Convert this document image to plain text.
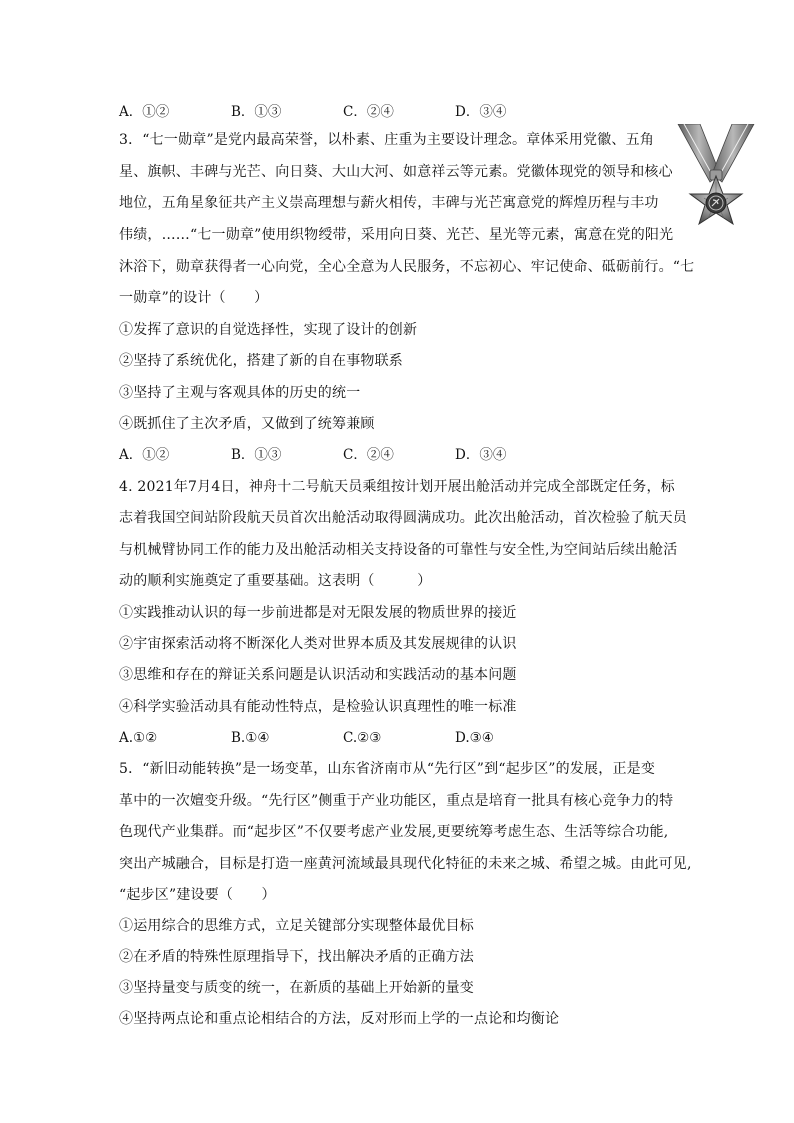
A．①②	B．①③	C．②④	D．③④
3．“七一勋章”是党内最高荣誉，以朴素、庄重为主要设计理念。章体采用党徽、五角
星、旗帜、丰碑与光芒、向日葵、大山大河、如意祥云等元素。党徽体现党的领导和核心
地位，五角星象征共产主义崇高理想与薪火相传，丰碑与光芒寓意党的辉煌历程与丰功
伟绩，……“七一勋章”使用织物绶带，采用向日葵、光芒、星光等元素，寓意在党的阳光
沐浴下，勋章获得者一心向党，全心全意为人民服务，不忘初心、牢记使命、砥砺前行。“七
一勋章”的设计（　　）
①发挥了意识的自觉选择性，实现了设计的创新
②坚持了系统优化，搭建了新的自在事物联系
③坚持了主观与客观具体的历史的统一
④既抓住了主次矛盾，又做到了统筹兼顾
A．①②	B．①③	C．②④	D．③④
4. 2021年7月4日，神舟十二号航天员乘组按计划开展出舱活动并完成全部既定任务，标
志着我国空间站阶段航天员首次出舱活动取得圆满成功。此次出舱活动，首次检验了航天员
与机械臂协同工作的能力及出舱活动相关支持设备的可靠性与安全性,为空间站后续出舱活
动的顺利实施奠定了重要基础。这表明（　　　）
①实践推动认识的每一步前进都是对无限发展的物质世界的接近
②宇宙探索活动将不断深化人类对世界本质及其发展规律的认识
③思维和存在的辩证关系问题是认识活动和实践活动的基本问题
④科学实验活动具有能动性特点，是检验认识真理性的唯一标准
A.①②	B.①④	C.②③	D.③④
5．“新旧动能转换”是一场变革，山东省济南市从“先行区”到“起步区”的发展，正是变
革中的一次嬗变升级。“先行区”侧重于产业功能区，重点是培育一批具有核心竞争力的特
色现代产业集群。而“起步区”不仅要考虑产业发展,更要统筹考虑生态、生活等综合功能,
突出产城融合，目标是打造一座黄河流域最具现代化特征的未来之城、希望之城。由此可见,
“起步区”建设要（　　）
①运用综合的思维方式，立足关键部分实现整体最优目标
②在矛盾的特殊性原理指导下，找出解决矛盾的正确方法
③坚持量变与质变的统一，在新质的基础上开始新的量变
④坚持两点论和重点论相结合的方法，反对形而上学的一点论和均衡论
